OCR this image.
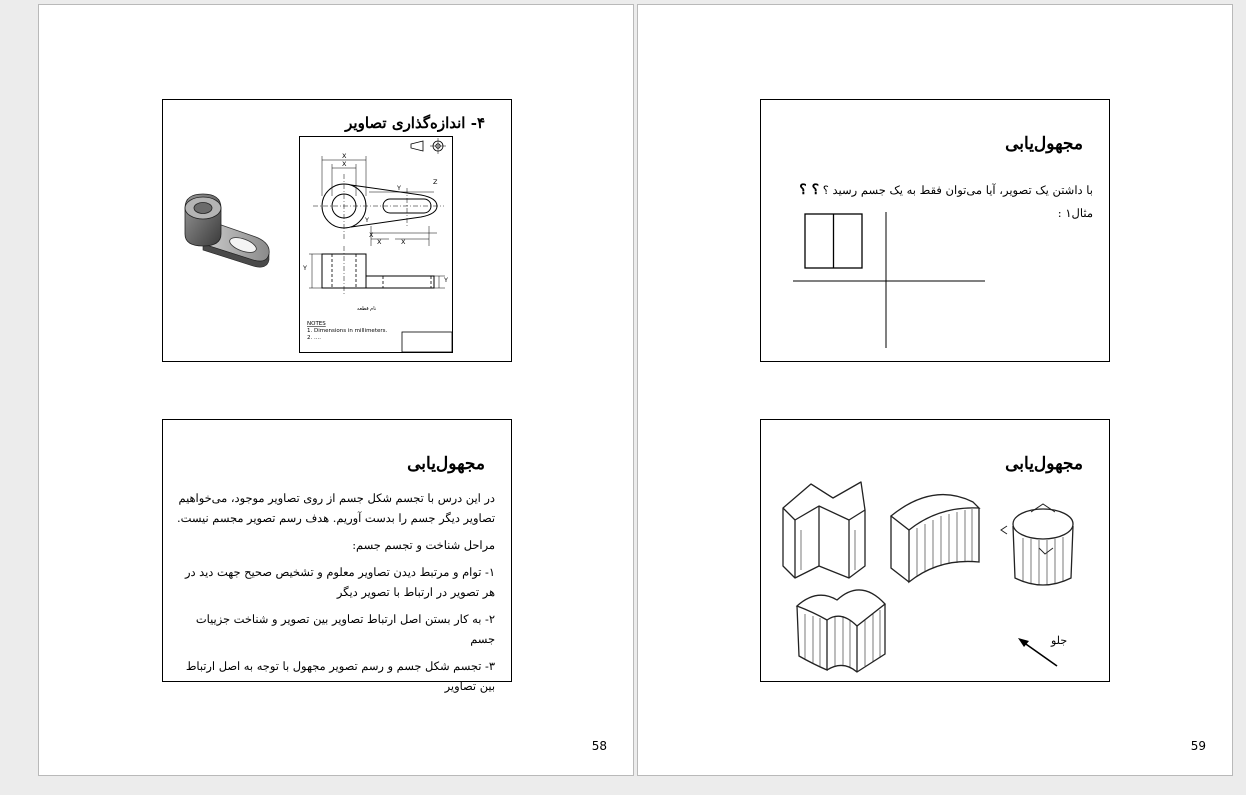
۴- اندازه‌گذاری تصاویر
X
X
Y
Z
Y
X
X	X
Y
Y
نام قطعه
NOTES
1. Dimensions in millimeters.
2. ....
مجهول‌یابی

در این درس با تجسم شکل جسم از روی تصاویر موجود، می‌خواهیم تصاویر دیگر جسم را بدست آوریم. هدف رسم تصویر مجسم نیست.

مراحل شناخت و تجسم جسم:

۱- توام و مرتبط دیدن تصاویر معلوم و تشخیص صحیح جهت دید در هر تصویر در ارتباط با تصویر دیگر

۲- به کار بستن اصل ارتباط تصاویر بین تصویر و شناخت جزییات جسم

۳- تجسم شکل جسم و رسم تصویر مجهول با توجه به اصل ارتباط بین تصاویر

58
مجهول‌یابی
با داشتن یک تصویر، آیا می‌توان فقط به یک جسم رسید ؟ ؟ ؟
مثال۱ :
مجهول‌یابی
جلو
59
